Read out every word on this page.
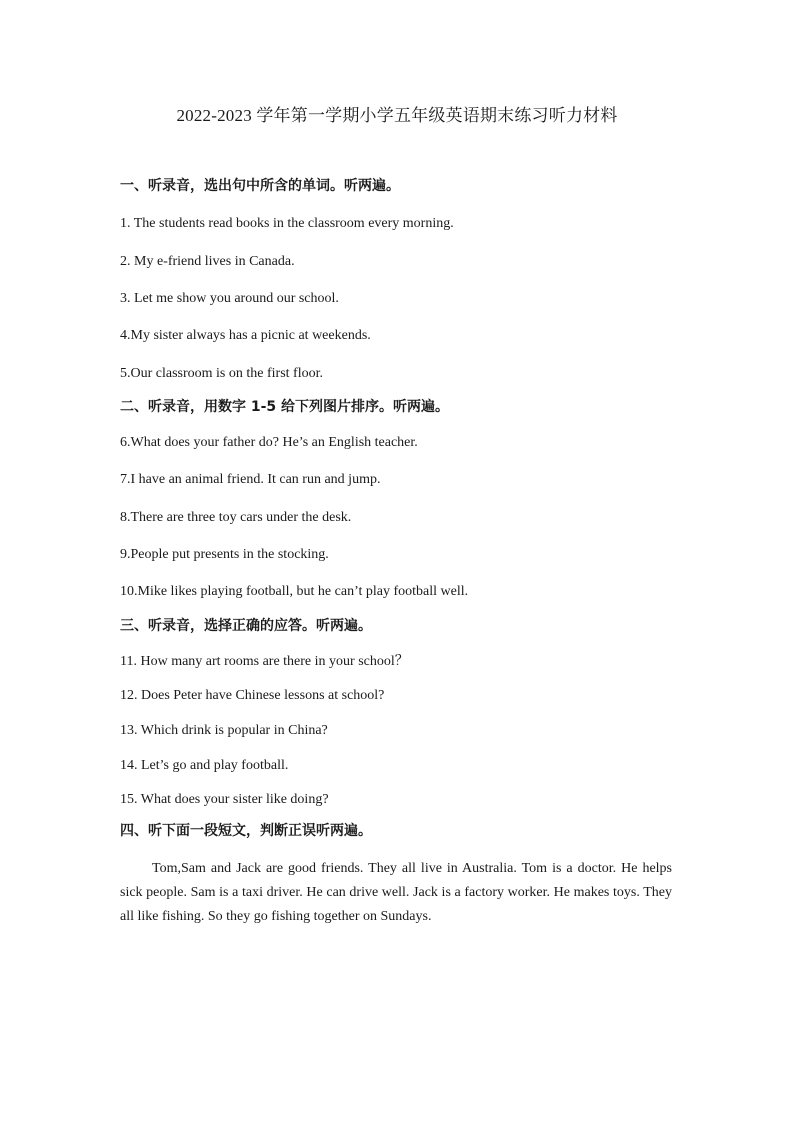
2022-2023 学年第一学期小学五年级英语期末练习听力材料

一、听录音，选出句中所含的单词。听两遍。

1. The students read books in the classroom every morning.

2. My e-friend lives in Canada.

3. Let me show you around our school.

4.My sister always has a picnic at weekends.

5.Our classroom is on the first floor.

二、听录音，用数字 1-5 给下列图片排序。听两遍。

6.What does your father do? He’s an English teacher.

7.I have an animal friend. It can run and jump.

8.There are three toy cars under the desk.

9.People put presents in the stocking.

10.Mike likes playing football, but he can’t play football well.

三、听录音，选择正确的应答。听两遍。

11. How many art rooms are there in your school？

12. Does Peter have Chinese lessons at school?

13. Which drink is popular in China?

14. Let’s go and play football.

15. What does your sister like doing?

四、听下面一段短文，判断正误听两遍。

Tom,Sam and Jack are good friends. They all live in Australia. Tom is a doctor. He helps sick people. Sam is a taxi driver. He can drive well. Jack is a factory worker. He makes toys. They all like fishing. So they go fishing together on Sundays.
